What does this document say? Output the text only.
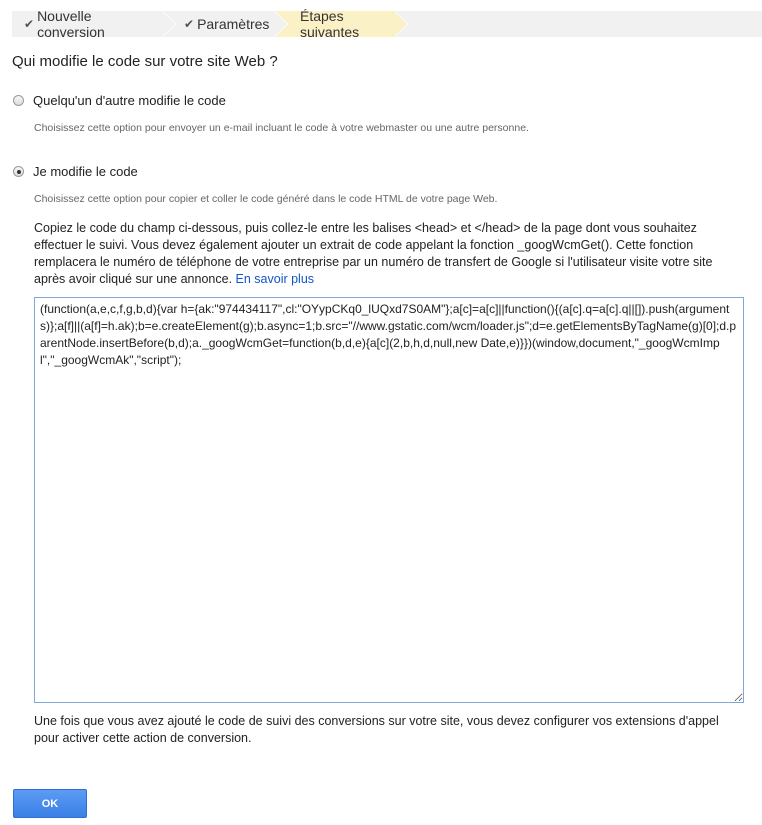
✔ Nouvelle conversion	✔ Paramètres Étapes suivantes
Qui modifie le code sur votre site Web ?
Quelqu'un d'autre modifie le code
Choisissez cette option pour envoyer un e-mail incluant le code à votre webmaster ou une autre personne.
Je modifie le code
Choisissez cette option pour copier et coller le code généré dans le code HTML de votre page Web.

Copiez le code du champ ci-dessous, puis collez-le entre les balises <head> et </head> de la page dont vous souhaitez effectuer le suivi. Vous devez également ajouter un extrait de code appelant la fonction _googWcmGet(). Cette fonction remplacera le numéro de téléphone de votre entreprise par un numéro de transfert de Google si l'utilisateur visite votre site après avoir cliqué sur une annonce. En savoir plus

(function(a,e,c,f,g,b,d){var h={ak:"974434117",cl:"OYypCKq0_lUQxd7S0AM"};a[c]=a[c]||function(){(a[c].q=a[c].q||[]).push(arguments)};a[f]||(a[f]=h.ak);b=e.createElement(g);b.async=1;b.src="//www.gstatic.com/wcm/loader.js";d=e.getElementsByTagName(g)[0];d.parentNode.insertBefore(b,d);a._googWcmGet=function(b,d,e){a[c](2,b,h,d,null,new Date,e)}})(window,document,"_googWcmImpl","_googWcmAk","script");

Une fois que vous avez ajouté le code de suivi des conversions sur votre site, vous devez configurer vos extensions d'appel pour activer cette action de conversion.

OK
